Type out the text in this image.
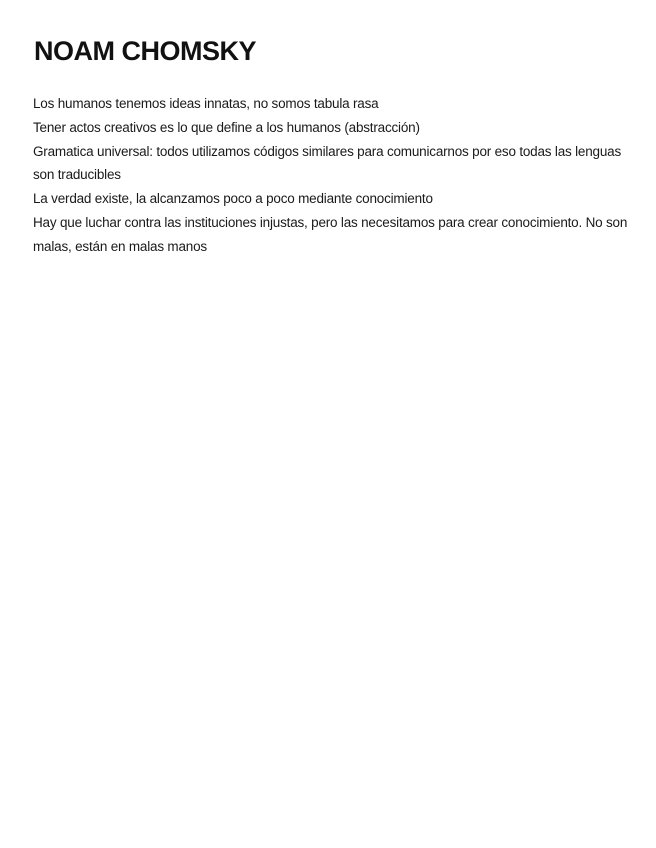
NOAM CHOMSKY

Los humanos tenemos ideas innatas, no somos tabula rasa

Tener actos creativos es lo que define a los humanos (abstracción)

Gramatica universal: todos utilizamos códigos similares para comunicarnos por eso todas las lenguas son traducibles

La verdad existe, la alcanzamos poco a poco mediante conocimiento

Hay que luchar contra las instituciones injustas, pero las necesitamos para crear conocimiento. No son malas, están en malas manos
